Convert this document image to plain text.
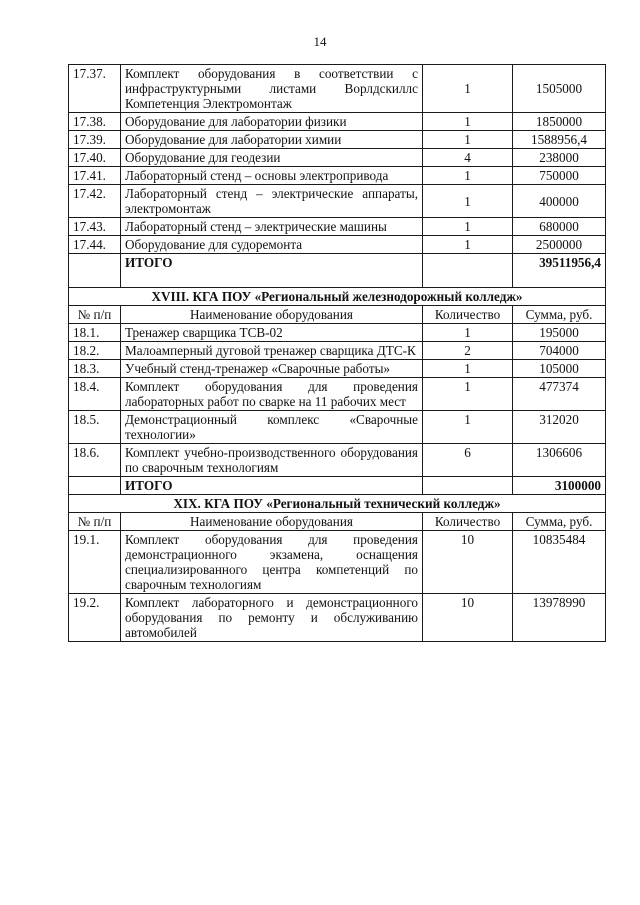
14
17.37.	Комплект оборудования в соответствии с инфраструктурными листами Ворлдскиллс Компетенция Электромонтаж	1	1505000
17.38.	Оборудование для лаборатории физики	1	1850000
17.39.	Оборудование для лаборатории химии	1	1588956,4
17.40.	Оборудование для геодезии	4	238000
17.41.	Лабораторный стенд – основы электропривода	1	750000
17.42.	Лабораторный стенд – электрические аппараты, электромонтаж	1	400000
17.43.	Лабораторный стенд – электрические машины	1	680000
17.44.	Оборудование для судоремонта	1	2500000
	ИТОГО		39511956,4
XVIII. КГА ПОУ «Региональный железнодорожный колледж»			
№ п/п	Наименование оборудования	Количество	Сумма, руб.
18.1.	Тренажер сварщика ТСВ-02	1	195000
18.2.	Малоамперный дуговой тренажер сварщика ДТС-К	2	704000
18.3.	Учебный стенд-тренажер «Сварочные работы»	1	105000
18.4.	Комплект оборудования для проведения лабораторных работ по сварке на 11 рабочих мест	1	477374
18.5.	Демонстрационный комплекс «Сварочные технологии»	1	312020
18.6.	Комплект учебно-производственного оборудования по сварочным технологиям	6	1306606
	ИТОГО		3100000
XIX. КГА ПОУ «Региональный технический колледж»			
№ п/п	Наименование оборудования	Количество	Сумма, руб.
19.1.	Комплект оборудования для проведения демонстрационного экзамена, оснащения специализированного центра компетенций по сварочным технологиям	10	10835484
19.2.	Комплект лабораторного и демонстрационного оборудования по ремонту и обслуживанию автомобилей	10	13978990
